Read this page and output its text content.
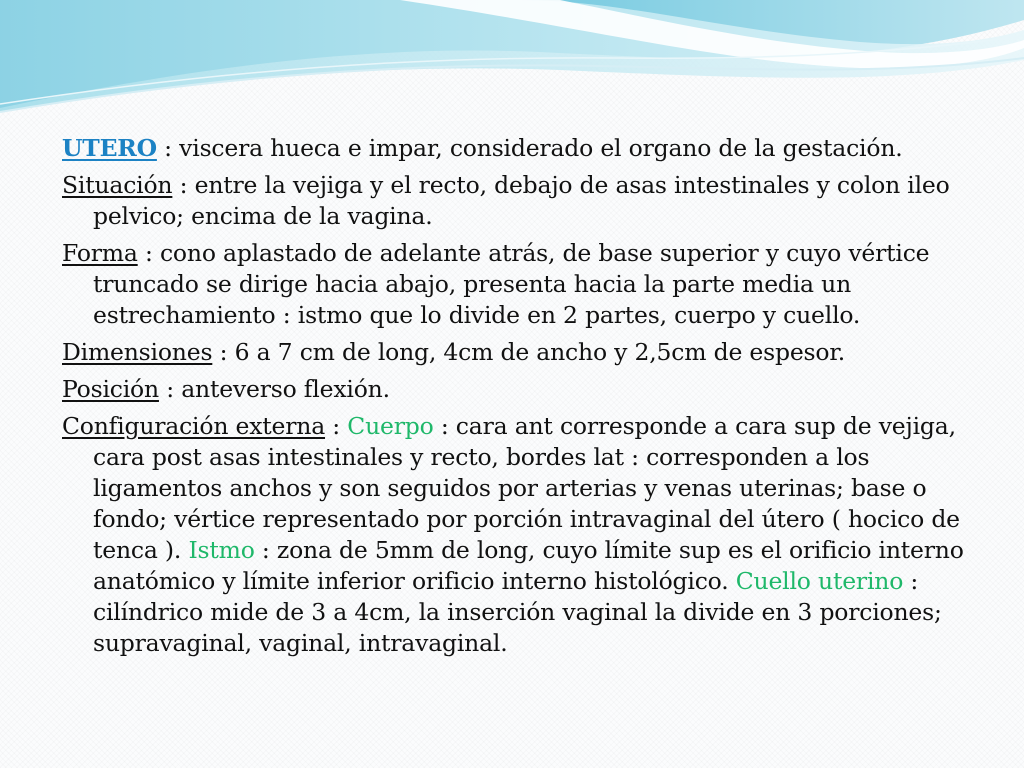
UTERO : viscera hueca e impar, considerado el organo de la gestación.

Situación : entre la vejiga y el recto, debajo de asas intestinales y colon ileo pelvico; encima de la vagina.

Forma : cono aplastado de adelante atrás, de base superior y cuyo vértice truncado se dirige hacia abajo, presenta hacia la parte media un estrechamiento : istmo que lo divide en 2 partes, cuerpo y cuello.

Dimensiones : 6 a 7 cm de long, 4cm de ancho y 2,5cm de espesor.

Posición : anteverso flexión.

Configuración externa : Cuerpo : cara ant corresponde a cara sup de vejiga, cara post asas intestinales y recto, bordes lat : corresponden a los ligamentos anchos y son seguidos por arterias y venas uterinas; base o fondo; vértice representado por porción intravaginal del útero ( hocico de tenca ). Istmo : zona de 5mm de long, cuyo límite sup es el orificio interno anatómico y límite inferior orificio interno histológico. Cuello uterino : cilíndrico mide de 3 a 4cm, la inserción vaginal la divide en 3 porciones; supravaginal, vaginal, intravaginal.
